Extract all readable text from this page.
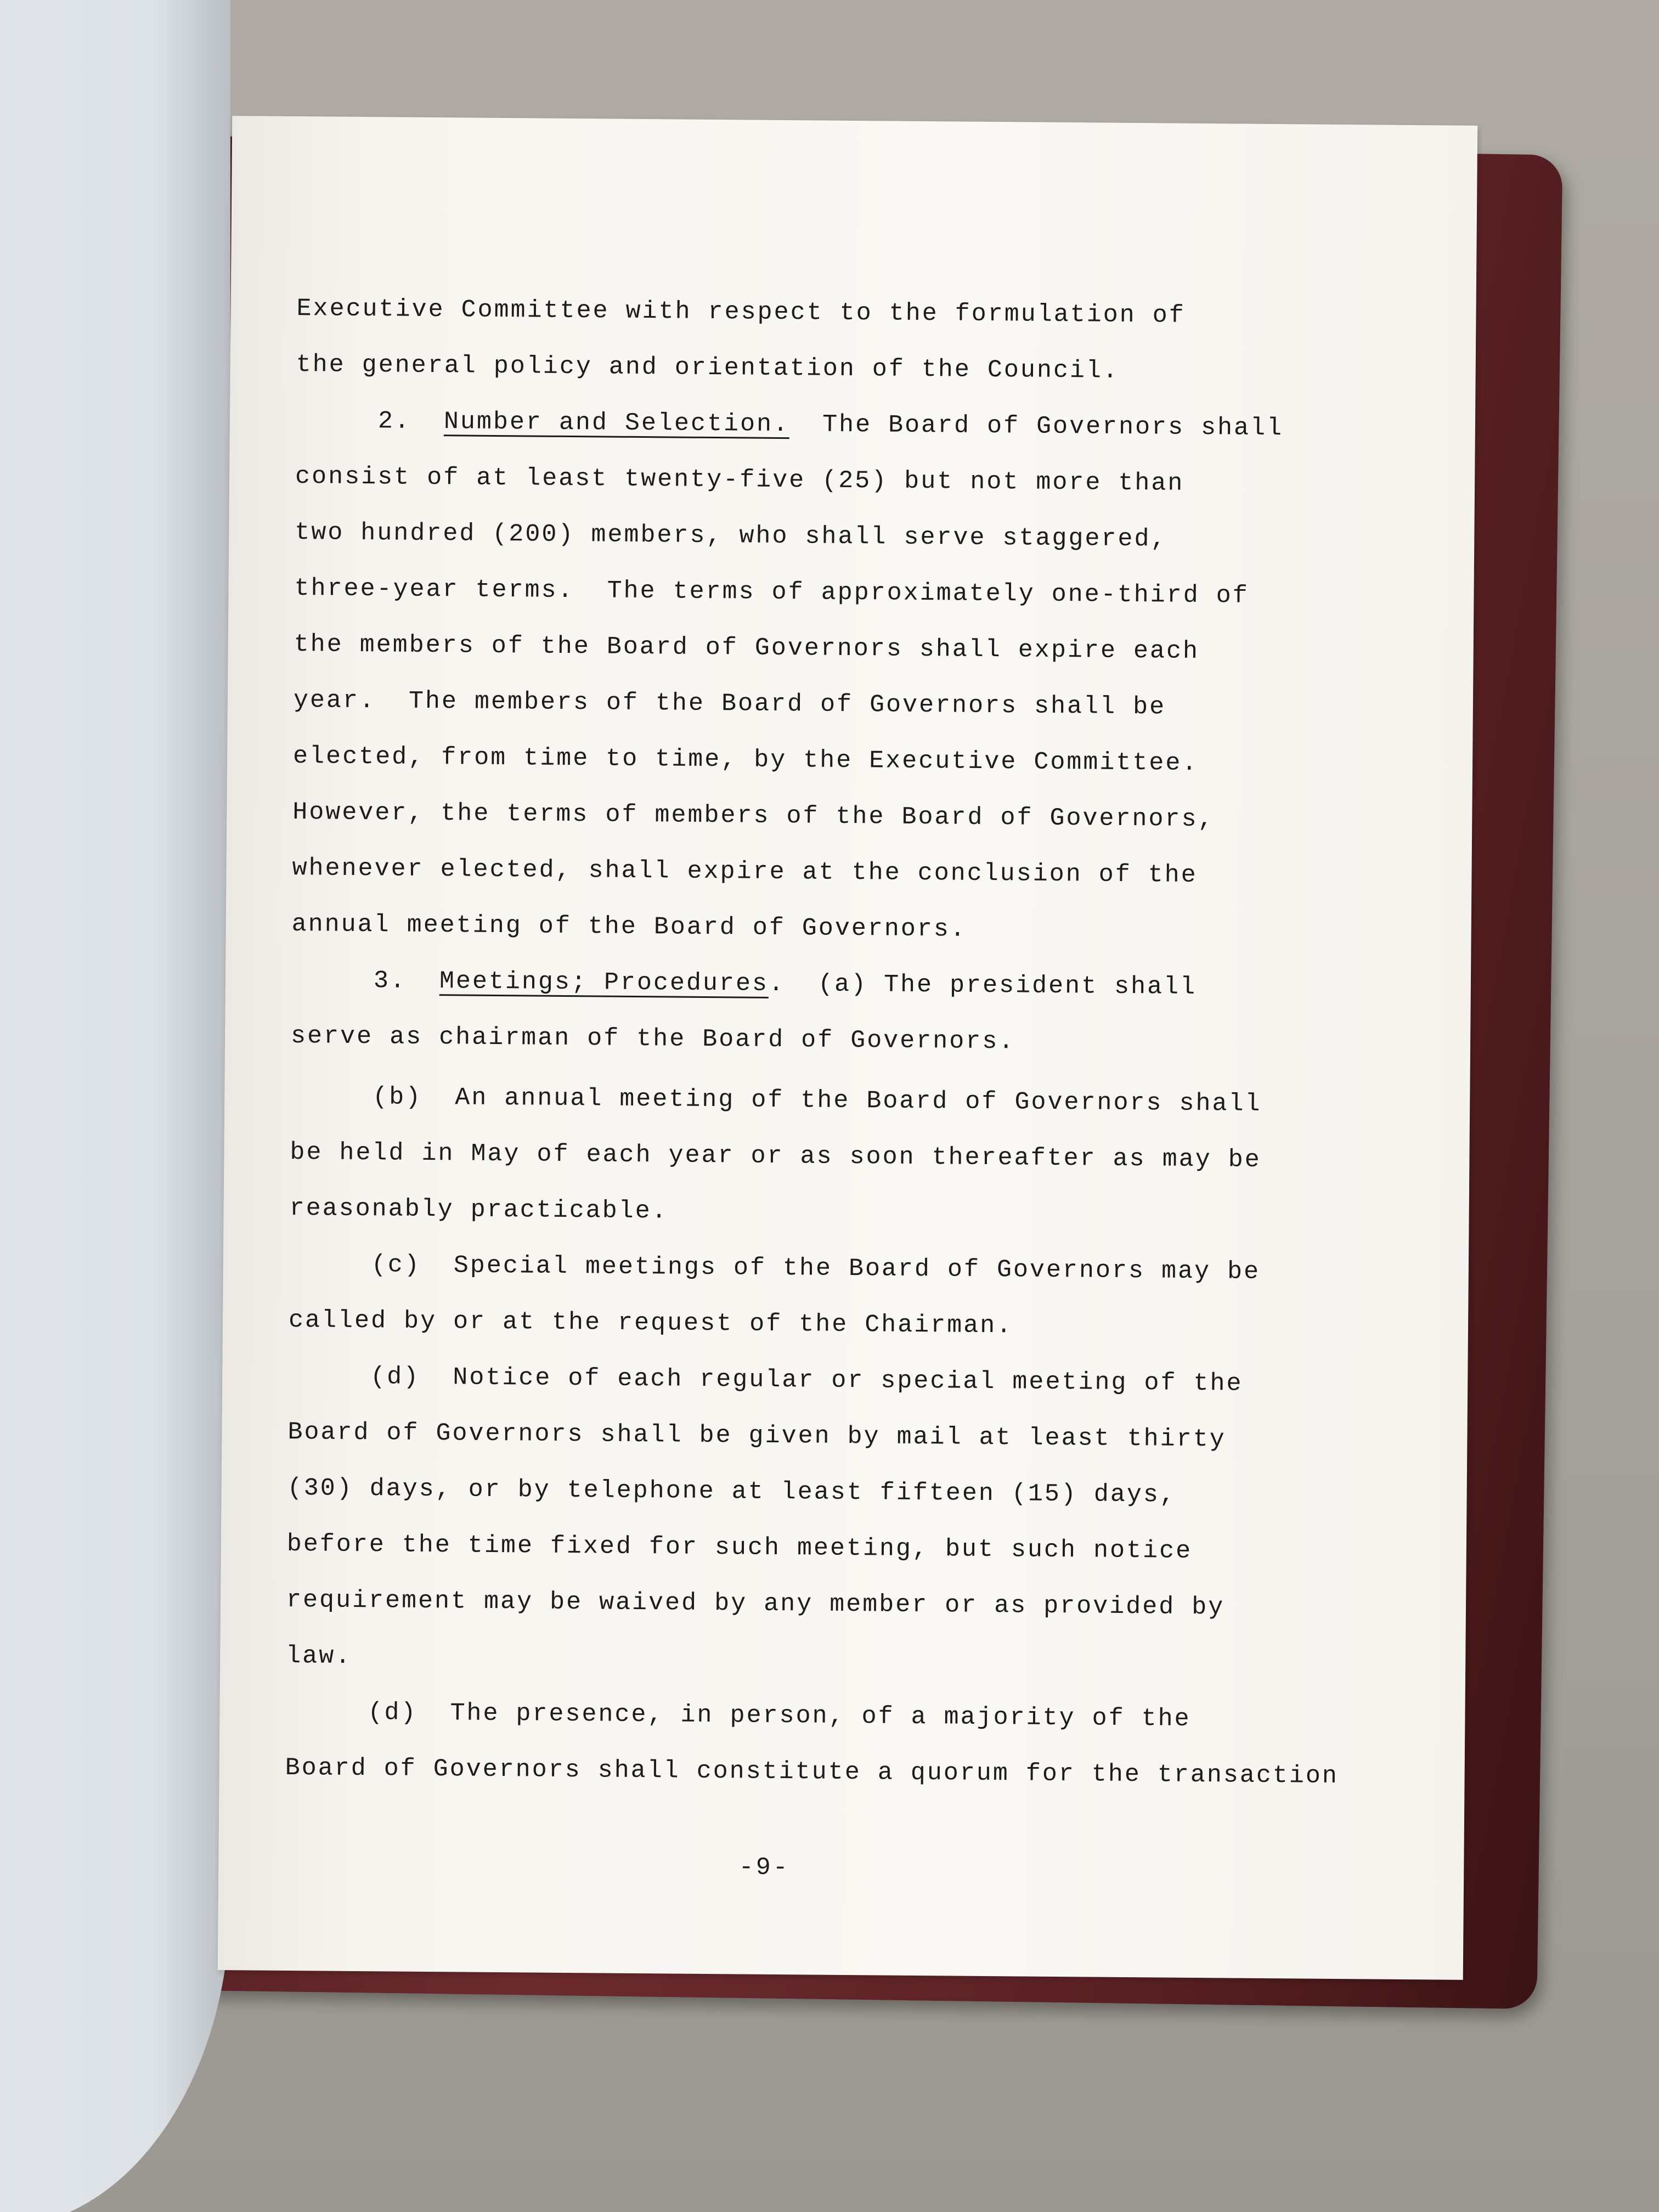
Executive Committee with respect to the formulation of
the general policy and orientation of the Council.
2.  Number and Selection.  The Board of Governors shall
consist of at least twenty-five (25) but not more than
two hundred (200) members, who shall serve staggered,
three-year terms.  The terms of approximately one-third of
the members of the Board of Governors shall expire each
year.  The members of the Board of Governors shall be
elected, from time to time, by the Executive Committee.
However, the terms of members of the Board of Governors,
whenever elected, shall expire at the conclusion of the
annual meeting of the Board of Governors.
3.  Meetings; Procedures.  (a) The president shall
serve as chairman of the Board of Governors.
(b)  An annual meeting of the Board of Governors shall
be held in May of each year or as soon thereafter as may be
reasonably practicable.
(c)  Special meetings of the Board of Governors may be
called by or at the request of the Chairman.
(d)  Notice of each regular or special meeting of the
Board of Governors shall be given by mail at least thirty
(30) days, or by telephone at least fifteen (15) days,
before the time fixed for such meeting, but such notice
requirement may be waived by any member or as provided by
law.
(d)  The presence, in person, of a majority of the
Board of Governors shall constitute a quorum for the transaction
-9-
